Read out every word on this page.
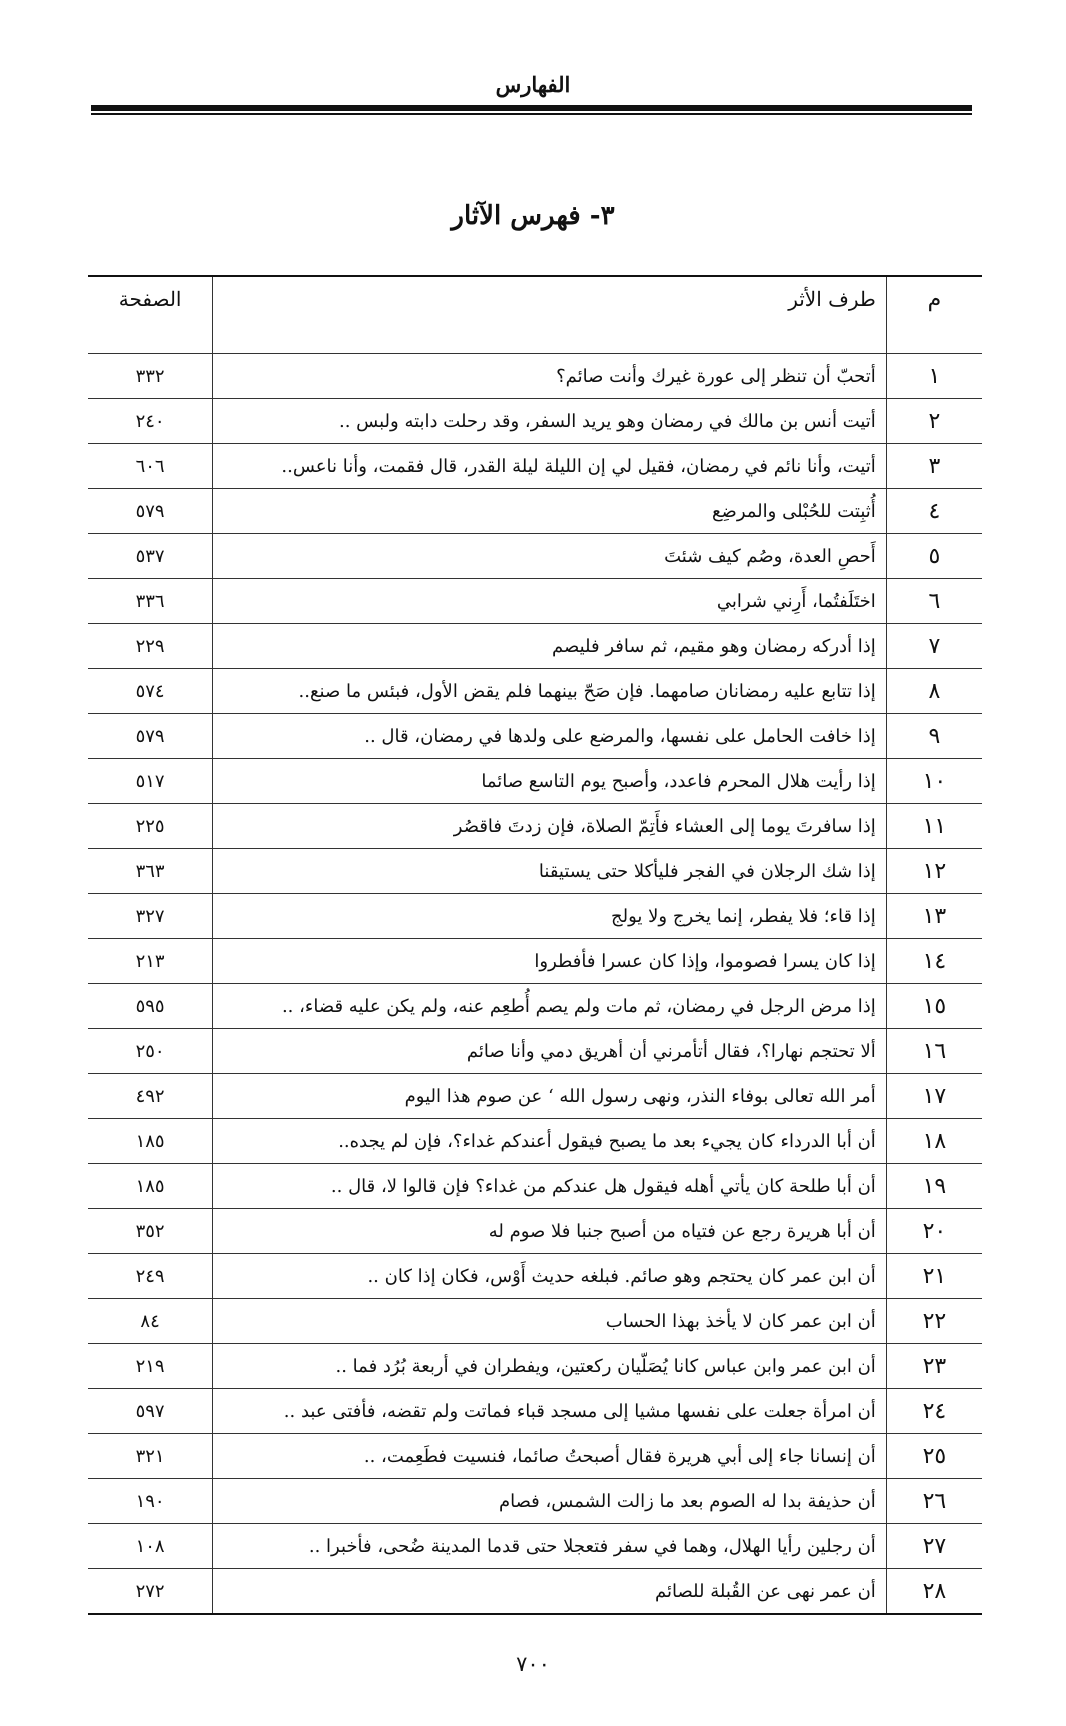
الفهارس
٣- فهرس الآثار
م	طرف الأثر	الصفحة
١	أتحبّ أن تنظر إلى عورة غيرك وأنت صائم؟	٣٣٢
٢	أتيت أنس بن مالك في رمضان وهو يريد السفر، وقد رحلت دابته ولبس ..	٢٤٠
٣	أتيت، وأنا نائم في رمضان، فقيل لي إن الليلة ليلة القدر، قال فقمت، وأنا ناعس..	٦٠٦
٤	أُثبِتت للحُبْلى والمرضِع	٥٧٩
٥	أَحصِ العدة، وصُم كيف شئتَ	٥٣٧
٦	اختَلَفتُما، أَرِني شرابي	٣٣٦
٧	إذا أدركه رمضان وهو مقيم، ثم سافر فليصم	٢٢٩
٨	إذا تتابع عليه رمضانان صامهما. فإن صَحّ بينهما فلم يقض الأول، فبئس ما صنع..	٥٧٤
٩	إذا خافت الحامل على نفسها، والمرضع على ولدها في رمضان، قال ..	٥٧٩
١٠	إذا رأيت هلال المحرم فاعدد، وأصبح يوم التاسع صائما	٥١٧
١١	إذا سافرتَ يوما إلى العشاء فأَتِمّ الصلاة، فإن زدتَ فاقصُر	٢٢٥
١٢	إذا شك الرجلان في الفجر فليأكلا حتى يستيقنا	٣٦٣
١٣	إذا قاء؛ فلا يفطر، إنما يخرج ولا يولج	٣٢٧
١٤	إذا كان يسرا فصوموا، وإذا كان عسرا فأفطروا	٢١٣
١٥	إذا مرض الرجل في رمضان، ثم مات ولم يصم أُطعِم عنه، ولم يكن عليه قضاء، ..	٥٩٥
١٦	ألا تحتجم نهارا؟، فقال أتأمرني أن أهريق دمي وأنا صائم	٢٥٠
١٧	أمر الله تعالى بوفاء النذر، ونهى رسول الله ‘ عن صوم هذا اليوم	٤٩٢
١٨	أن أبا الدرداء كان يجيء بعد ما يصبح فيقول أعندكم غداء؟، فإن لم يجده..	١٨٥
١٩	أن أبا طلحة كان يأتي أهله فيقول هل عندكم من غداء؟ فإن قالوا لا، قال ..	١٨٥
٢٠	أن أبا هريرة رجع عن فتياه من أصبح جنبا فلا صوم له	٣٥٢
٢١	أن ابن عمر كان يحتجم وهو صائم. فبلغه حديث أَوْس، فكان إذا كان ..	٢٤٩
٢٢	أن ابن عمر كان لا يأخذ بهذا الحساب	٨٤
٢٣	أن ابن عمر وابن عباس كانا يُصَلّيان ركعتين، ويفطران في أربعة بُرُد فما ..	٢١٩
٢٤	أن امرأة جعلت على نفسها مشيا إلى مسجد قباء فماتت ولم تقضه، فأفتى عبد ..	٥٩٧
٢٥	أن إنسانا جاء إلى أبي هريرة فقال أصبحتُ صائما، فنسيت فطَعِمت، ..	٣٢١
٢٦	أن حذيفة بدا له الصوم بعد ما زالت الشمس، فصام	١٩٠
٢٧	أن رجلين رأيا الهلال، وهما في سفر فتعجلا حتى قدما المدينة ضُحى، فأخبرا ..	١٠٨
٢٨	أن عمر نهى عن القُبلة للصائم	٢٧٢
٧٠٠
